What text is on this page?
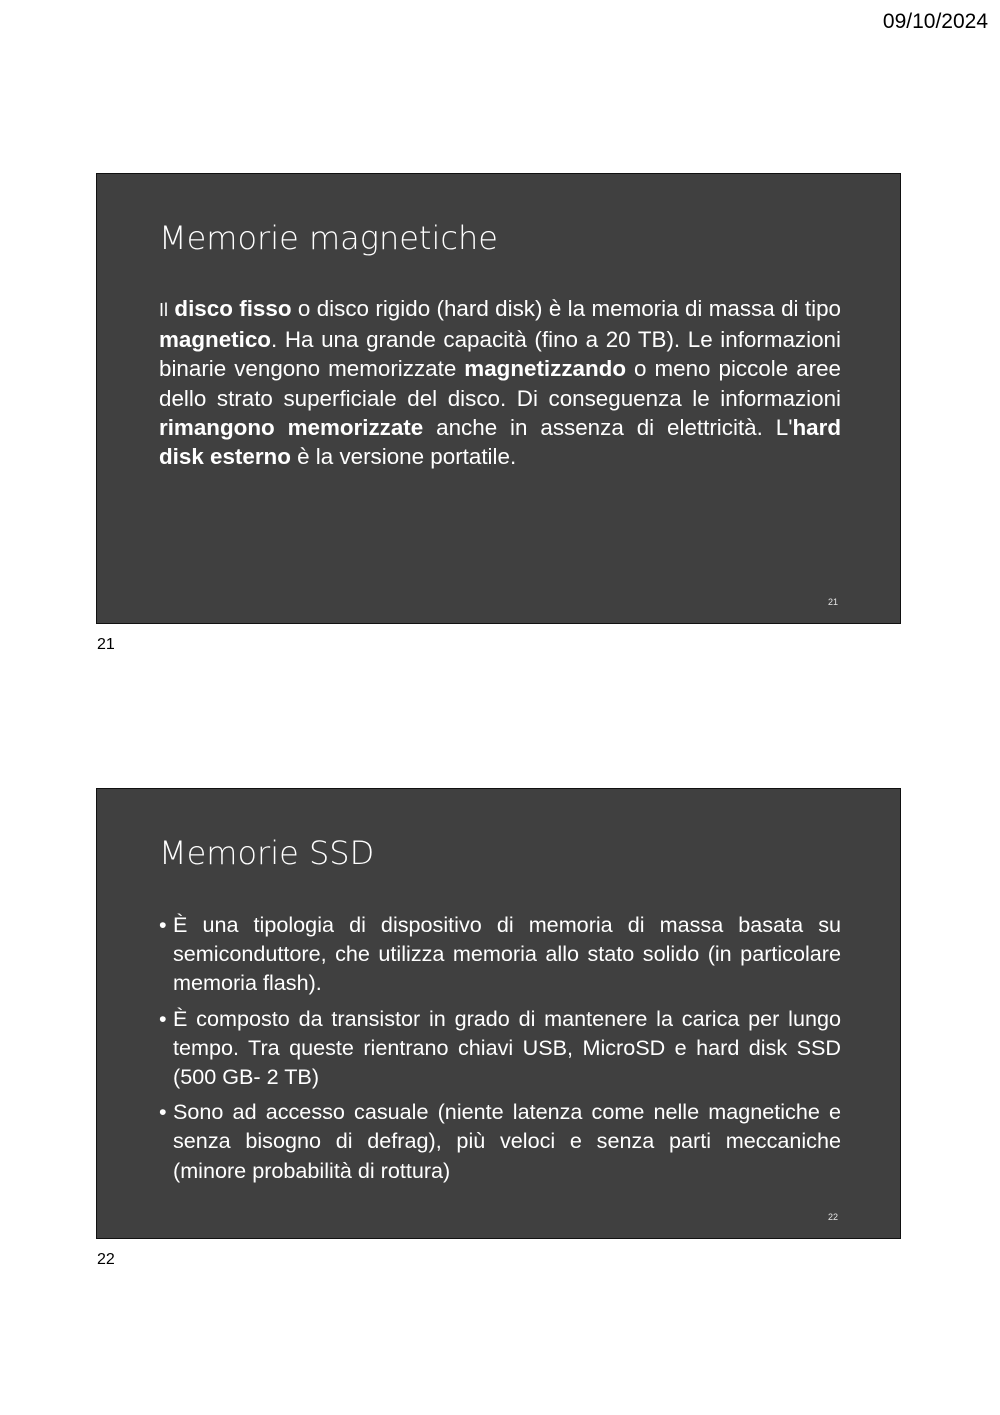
09/10/2024
Memorie magnetiche
Il disco fisso o disco rigido (hard disk) è la memoria di massa di tipo magnetico. Ha una grande capacità (fino a 20 TB). Le informazioni binarie vengono memorizzate magnetizzando o meno piccole aree dello strato superficiale del disco. Di conseguenza le informazioni rimangono memorizzate anche in assenza di elettricità. L'hard disk esterno è la versione portatile.
21
21
Memorie SSD
• È una tipologia di dispositivo di memoria di massa basata su semiconduttore, che utilizza memoria allo stato solido (in particolare memoria flash).
• È composto da transistor in grado di mantenere la carica per lungo tempo. Tra queste rientrano chiavi USB, MicroSD e hard disk SSD (500 GB- 2 TB)
• Sono ad accesso casuale (niente latenza come nelle magnetiche e senza bisogno di defrag), più veloci e senza parti meccaniche (minore probabilità di rottura)
22
22
